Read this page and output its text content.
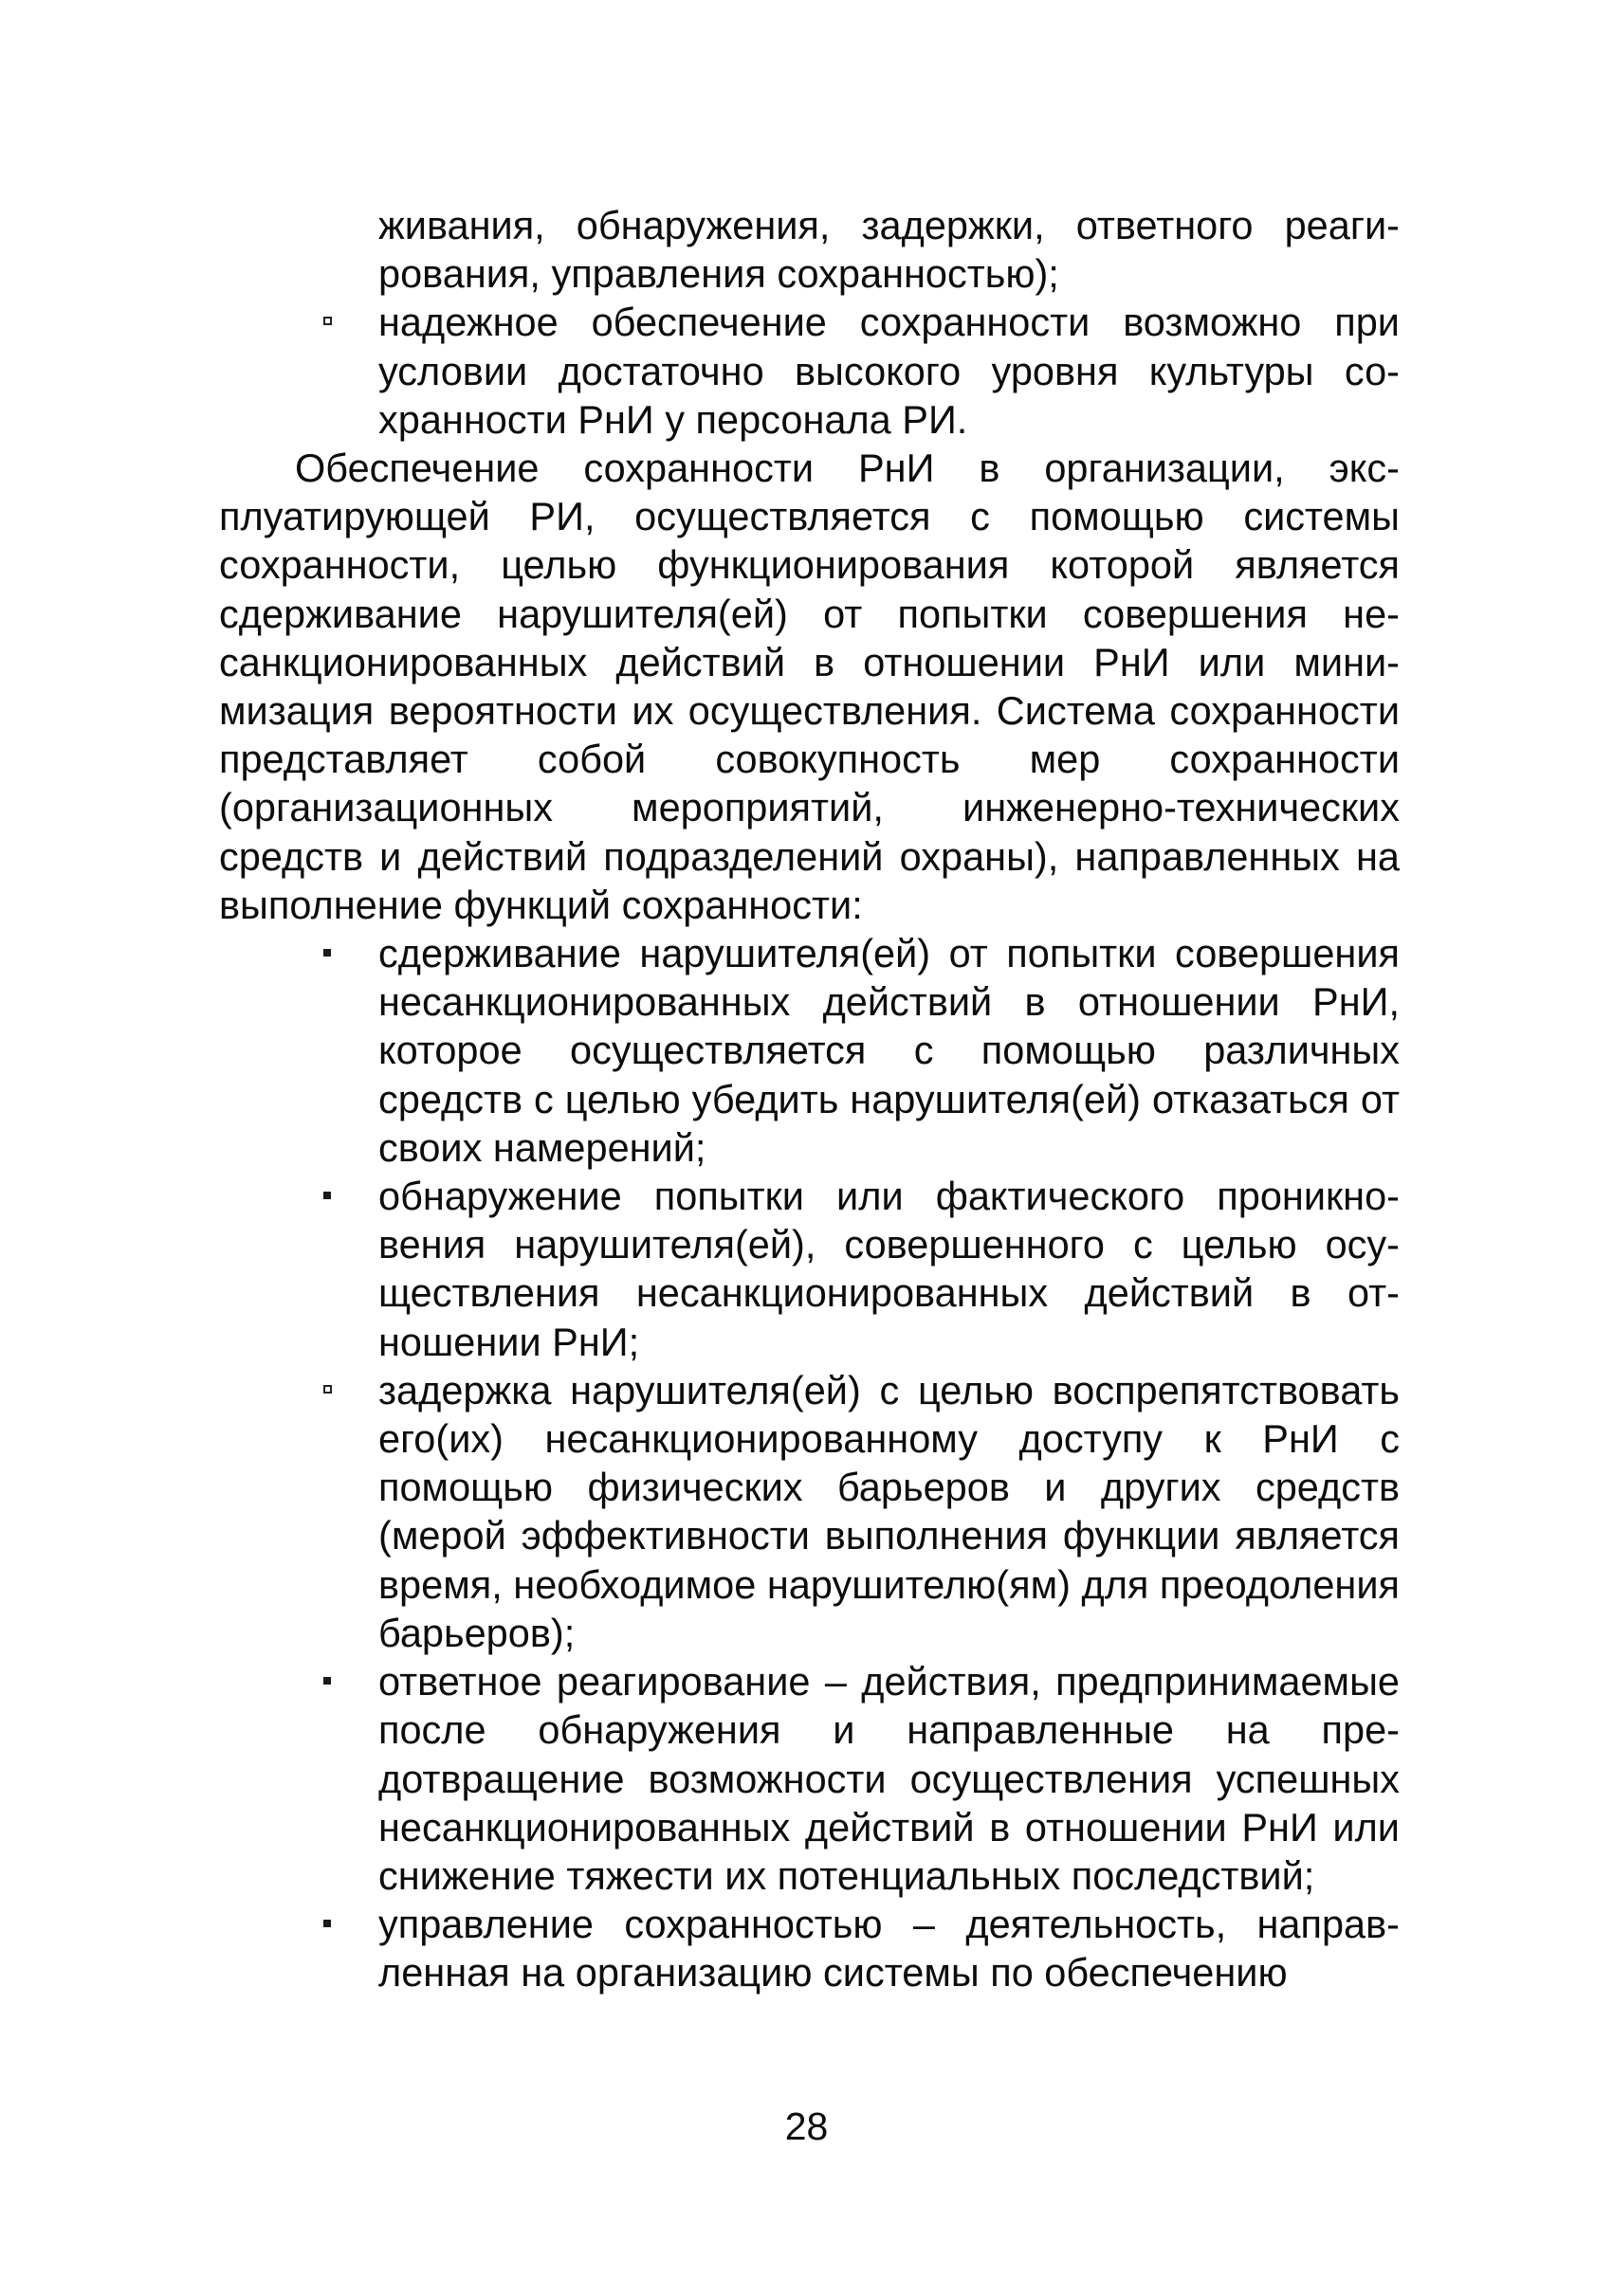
живания, обнаружения, задержки, ответного реагирования, управления сохранностью);

надежное обеспечение сохранности возможно при условии достаточно высокого уровня культуры сохранности РнИ у персонала РИ.

Обеспечение сохранности РнИ в организации, эксплуатирующей РИ, осуществляется с помощью системы сохранности, целью функционирования которой является сдерживание нарушителя(ей) от попытки совершения несанкционированных действий в отношении РнИ или минимизация вероятности их осуществления. Система сохранности представляет собой совокупность мер сохранности (организационных мероприятий, инженерно-технических средств и действий подразделений охраны), направленных на выполнение функций сохранности:

сдерживание нарушителя(ей) от попытки совершения несанкционированных действий в отношении РнИ, которое осуществляется с помощью различных средств с целью убедить нарушителя(ей) отказаться от своих намерений;

обнаружение попытки или фактического проникновения нарушителя(ей), совершенного с целью осуществления несанкционированных действий в отношении РнИ;

задержка нарушителя(ей) с целью воспрепятствовать его(их) несанкционированному доступу к РнИ с помощью физических барьеров и других средств (мерой эффективности выполнения функции является время, необходимое нарушителю(ям) для преодоления барьеров);

ответное реагирование – действия, предпринимаемые после обнаружения и направленные на предотвращение возможности осуществления успешных несанкционированных действий в отношении РнИ или снижение тяжести их потенциальных последствий;

управление сохранностью – деятельность, направленная на организацию системы по обеспечению

28
